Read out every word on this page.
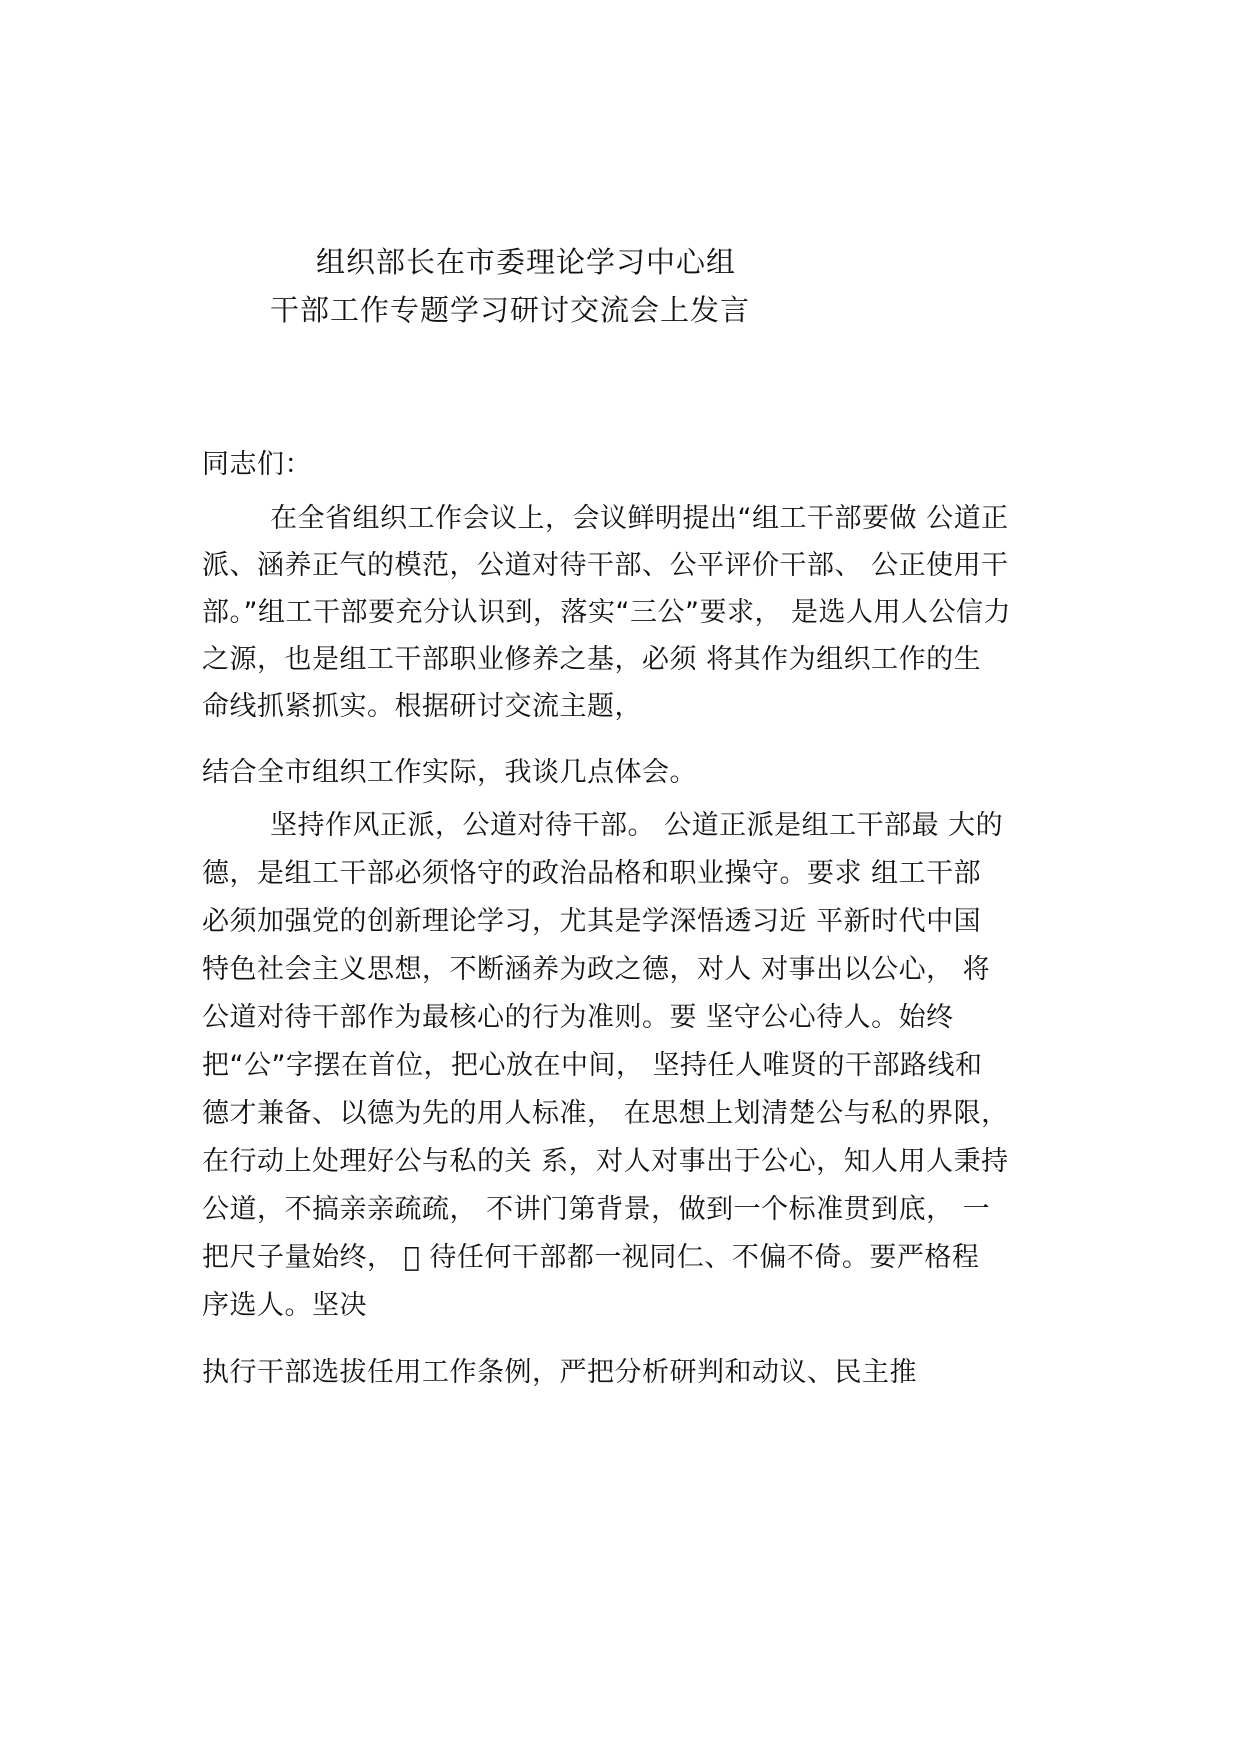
组织部长在市委理论学习中心组
干部工作专题学习研讨交流会上发言
同志们：
在全省组织工作会议上，会议鲜明提出“组工干部要做 公道正
派、涵养正气的模范，公道对待干部、公平评价干部、 公正使用干
部。”组工干部要充分认识到，落实“三公”要求， 是选人用人公信力
之源，也是组工干部职业修养之基，必须 将其作为组织工作的生
命线抓紧抓实。根据研讨交流主题，
结合全市组织工作实际，我谈几点体会。
坚持作风正派，公道对待干部。 公道正派是组工干部最 大的
德，是组工干部必须恪守的政治品格和职业操守。要求 组工干部
必须加强党的创新理论学习，尤其是学深悟透习近 平新时代中国
特色社会主义思想，不断涵养为政之德，对人 对事出以公心， 将
公道对待干部作为最核心的行为准则。要 坚守公心待人。始终
把“公”字摆在首位，把心放在中间， 坚持任人唯贤的干部路线和
德才兼备、以德为先的用人标准， 在思想上划清楚公与私的界限，
在行动上处理好公与私的关 系，对人对事出于公心，知人用人秉持
公道，不搞亲亲疏疏， 不讲门第背景，做到一个标准贯到底， 一
把尺子量始终， 􏰀 待任何干部都一视同仁、不偏不倚。要严格程
序选人。坚决
执行干部选拔任用工作条例，严把分析研判和动议、民主推
